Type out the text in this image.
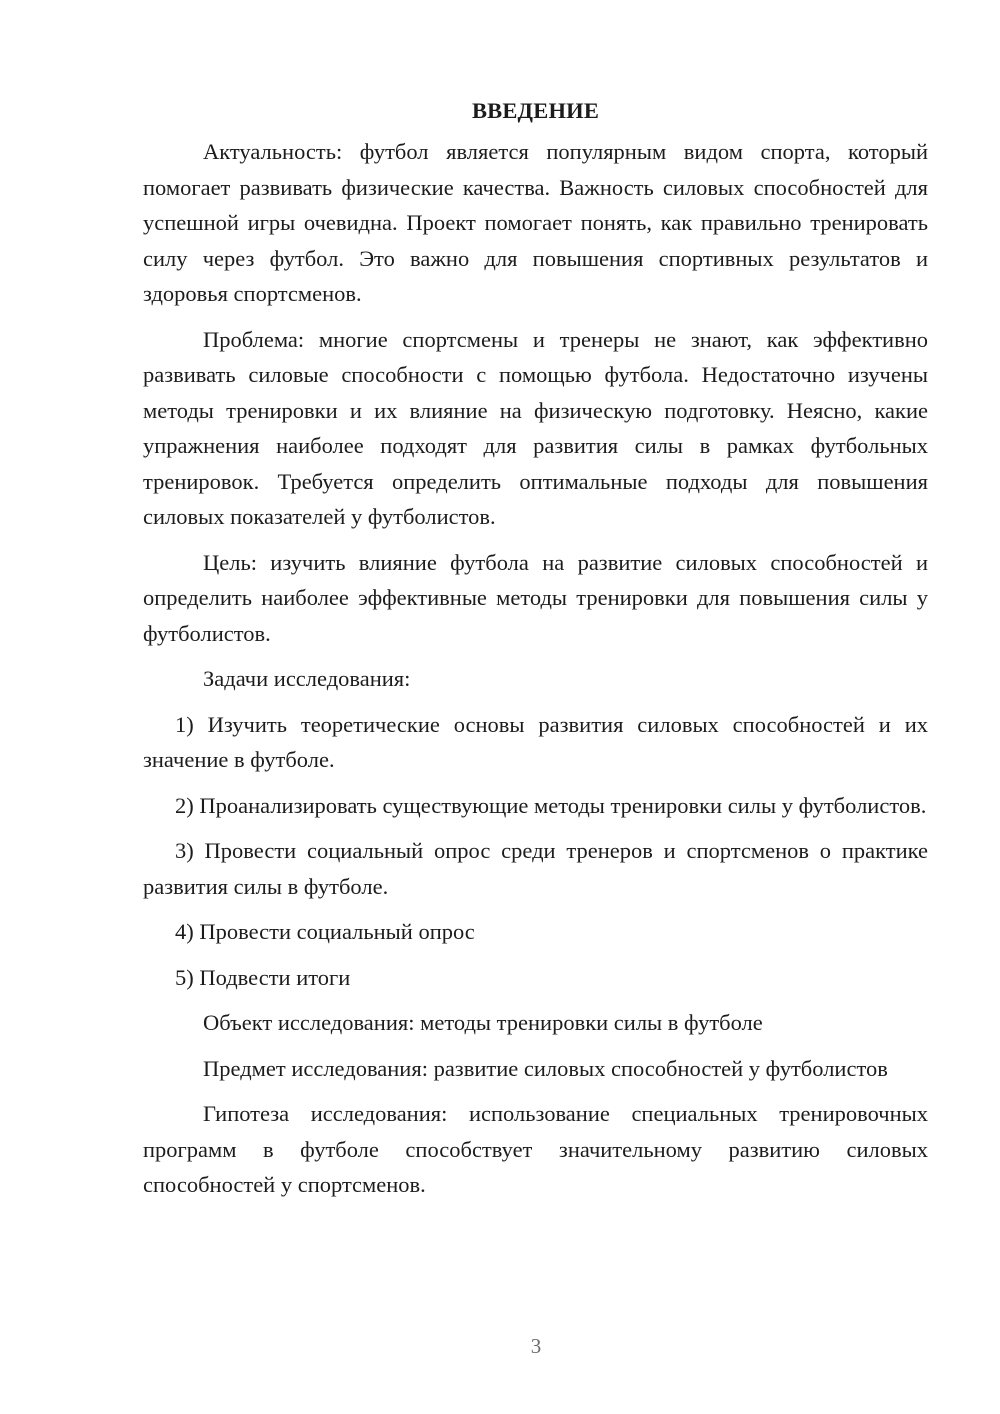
ВВЕДЕНИЕ

Актуальность: футбол является популярным видом спорта, который помогает развивать физические качества. Важность силовых способностей для успешной игры очевидна. Проект помогает понять, как правильно тренировать силу через футбол. Это важно для повышения спортивных результатов и здоровья спортсменов.

Проблема: многие спортсмены и тренеры не знают, как эффективно развивать силовые способности с помощью футбола. Недостаточно изучены методы тренировки и их влияние на физическую подготовку. Неясно, какие упражнения наиболее подходят для развития силы в рамках футбольных тренировок. Требуется определить оптимальные подходы для повышения силовых показателей у футболистов.

Цель: изучить влияние футбола на развитие силовых способностей и определить наиболее эффективные методы тренировки для повышения силы у футболистов.

Задачи исследования:

1) Изучить теоретические основы развития силовых способностей и их значение в футболе.

2) Проанализировать существующие методы тренировки силы у футболистов.

3) Провести социальный опрос среди тренеров и спортсменов о практике развития силы в футболе.

4) Провести социальный опрос

5) Подвести итоги

Объект исследования: методы тренировки силы в футболе

Предмет исследования: развитие силовых способностей у футболистов

Гипотеза исследования: использование специальных тренировочных программ в футболе способствует значительному развитию силовых способностей у спортсменов.

3
